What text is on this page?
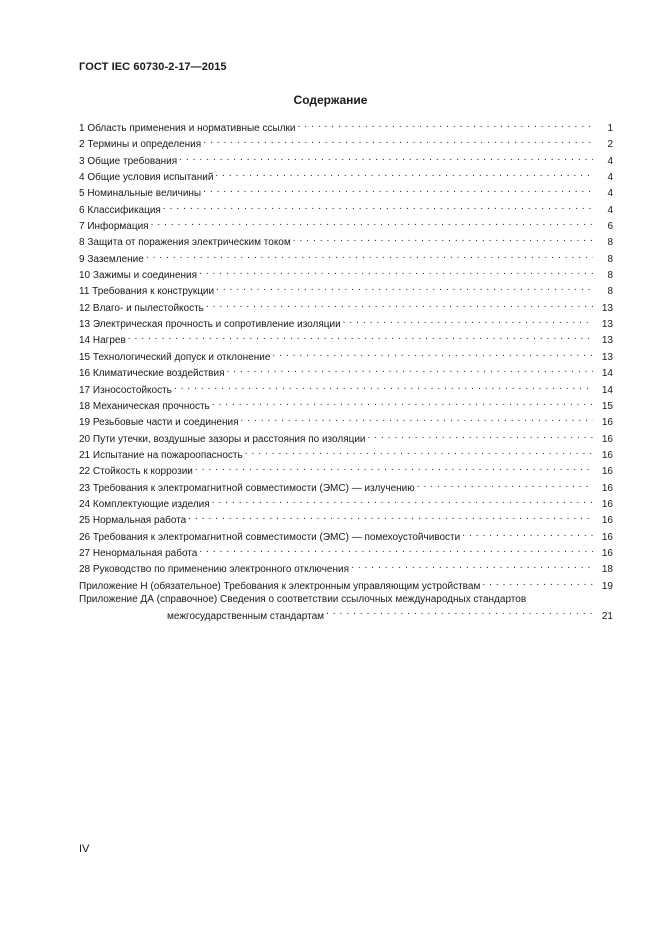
ГОСТ IEC 60730-2-17—2015
Содержание
1 Область применения и нормативные ссылки . . .	1
2 Термины и определения . . .	2
3 Общие требования . . .	4
4 Общие условия испытаний . . .	4
5 Номинальные величины . . .	4
6 Классификация . . .	4
7 Информация . . .	6
8 Защита от поражения электрическим током . . .	8
9 Заземление . . .	8
10 Зажимы и соединения . . .	8
11 Требования к конструкции . . .	8
12 Влаго- и пылестойкость . . .	13
13 Электрическая прочность и сопротивление изоляции . . .	13
14 Нагрев . . .	13
15 Технологический допуск и отклонение . . .	13
16 Климатические воздействия . . .	14
17 Износостойкость . . .	14
18 Механическая прочность . . .	15
19 Резьбовые части и соединения . . .	16
20 Пути утечки, воздушные зазоры и расстояния по изоляции . . .	16
21 Испытание на пожароопасность . . .	16
22 Стойкость к коррозии . . .	16
23 Требования к электромагнитной совместимости (ЭМС) — излучению . . .	16
24 Комплектующие изделия . . .	16
25 Нормальная работа . . .	16
26 Требования к электромагнитной совместимости (ЭМС) — помехоустойчивости . . .	16
27 Ненормальная работа . . .	16
28 Руководство по применению электронного отключения . . .	18
Приложение Н (обязательное) Требования к электронным управляющим устройствам . . .	19
Приложение ДА (справочное) Сведения о соответствии ссылочных международных стандартов
межгосударственным стандартам . . .	21
IV
